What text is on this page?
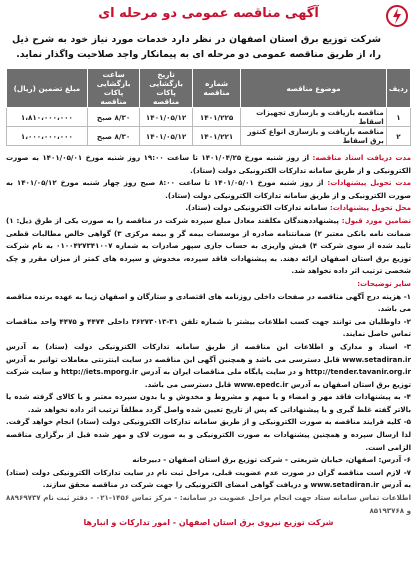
آگهی مناقصه عمومی دو مرحله ای
شرکت توزیع برق استان اصفهان در نظر دارد خدمات مورد نیاز خود به شرح ذیل را، از طریق مناقصه عمومی دو مرحله ای به پیمانکار واجد صلاحیت واگذار نماید.
ردیف	موضوع مناقصه	شماره مناقصه	تاریخ بازگشایی پاکات مناقصه	ساعت بازگشایی پاکات مناقصه	مبلغ تضمین (ریال)
۱	مناقصه بازیافت و بازسازی تجهیزات اسقاط	۱۴۰۱/۲۲۵	۱۴۰۱/۰۵/۱۲	۸/۳۰ صبح	۱،۸۱۰،۰۰۰،۰۰۰
۲	مناقصه بازیافت و بازسازی انواع کنتور برق اسقاط	۱۴۰۱/۲۲۱	۱۴۰۱/۰۵/۱۲	۸/۳۰ صبح	۱،۰۰۰،۰۰۰،۰۰۰

مدت دریافت اسناد مناقصه: از روز شنبه مورخ ۱۴۰۱/۰۴/۲۵ تا ساعت ۱۹:۰۰ روز شنبه مورخ ۱۴۰۱/۰۵/۰۱ به صورت الکترونیکی و از طریق سامانه تدارکات الکترونیکی دولت (ستاد).

مدت تحویل پیشنهادات: از روز شنبه مورخ ۱۴۰۱/۰۵/۰۱ تا ساعت ۸:۰۰ صبح روز چهار شنبه مورخ ۱۴۰۱/۰۵/۱۲ به صورت الکترونیکی و از طریق سامانه تدارکات الکترونیکی دولت (ستاد).

محل تحویل پیشنهادات: سامانه تدارکات الکترونیکی دولت (ستاد).

تضامین مورد قبول: پیشنهاددهندگان مکلفند معادل مبلغ سپرده شرکت در مناقصه را به صورت یکی از طرق ذیل: ۱) ضمانت نامه بانکی معتبر ۲) ضمانتنامه صادره از موسسات بیمه گر و بیمه مرکزی ۳) گواهی خالص مطالبات قطعی تایید شده از سوی شرکت ۴) فیش واریزی به حساب جاری سپهر صادرات به شماره ۰۱۰۰۴۲۷۳۴۱۰۰۷ به نام شرکت توزیع برق استان اصفهان ارائه دهند. به پیشنهادات فاقد سپرده، مخدوش و سپرده های کمتر از میزان مقرر و چک شخصی ترتیب اثر داده نخواهد شد.

سایر توضیحات:

۱- هزینه درج آگهی مناقصه در صفحات داخلی روزنامه های اقتصادی و ستارگان و اصفهان زیبا به عهده برنده مناقصه می باشد.

۲- داوطلبان می توانند جهت کسب اطلاعات بیشتر با شماره تلفن ۳۱-۳۶۲۷۳۰۱۳ داخلی ۴۴۷۴ و ۴۴۷۵ واحد مناقصات تماس حاصل نمایند.

۳- اسناد و مدارک و اطلاعات این مناقصه از طریق سامانه تدارکات الکترونیکی دولت (ستاد) به آدرس www.setadiran.ir قابل دسترسی می باشد و همچنین آگهی این مناقصه در سایت اینترنتی معاملات توانیر به آدرس http://tender.tavanir.org.ir و در سایت پایگاه ملی مناقصات ایران به آدرس http://iets.mporg.ir و سایت شرکت توزیع برق استان اصفهان به آدرس www.epedc.ir قابل دسترسی می باشد.

۴- به پیشنهادات فاقد مهر و امضاء و یا مبهم و مشروط و مخدوش و یا بدون سپرده معتبر و یا کالای گرفته شده یا بالاتر گفته غلط گیری و یا پیشنهاداتی که پس از تاریخ تعیین شده واصل گردد مطلقاً ترتیب اثر داده نخواهد شد.

۵- کلیه فرایند مناقصه به صورت الکترونیکی و از طریق سامانه تدارکات الکترونیکی دولت (ستاد) انجام خواهد گرفت. لذا ارسال سپرده و همچنین پیشنهادات به صورت الکترونیکی و به صورت لاک و مهر شده قبل از برگزاری مناقصه الزامی است.

۶- آدرس: اصفهان، خیابان شریعتی - شرکت توزیع برق استان اصفهان - دبیرخانه

۷- لازم است مناقصه گران در صورت عدم عضویت قبلی، مراحل ثبت نام در سایت تدارکات الکترونیکی دولت (ستاد) به آدرس www.setadiran.ir و دریافت گواهی امضای الکترونیکی را جهت شرکت در مناقصه محقق سازند.

اطلاعات تماس سامانه ستاد جهت انجام مراحل عضویت در سامانه: - مرکز تماس ۱۴۵۶-۰۲۱ - دفتر ثبت نام ۸۸۹۶۹۷۳۷ و ۸۵۱۹۳۷۶۸

شرکت توزیع نیروی برق استان اصفهان - امور تدارکات و انبارها
